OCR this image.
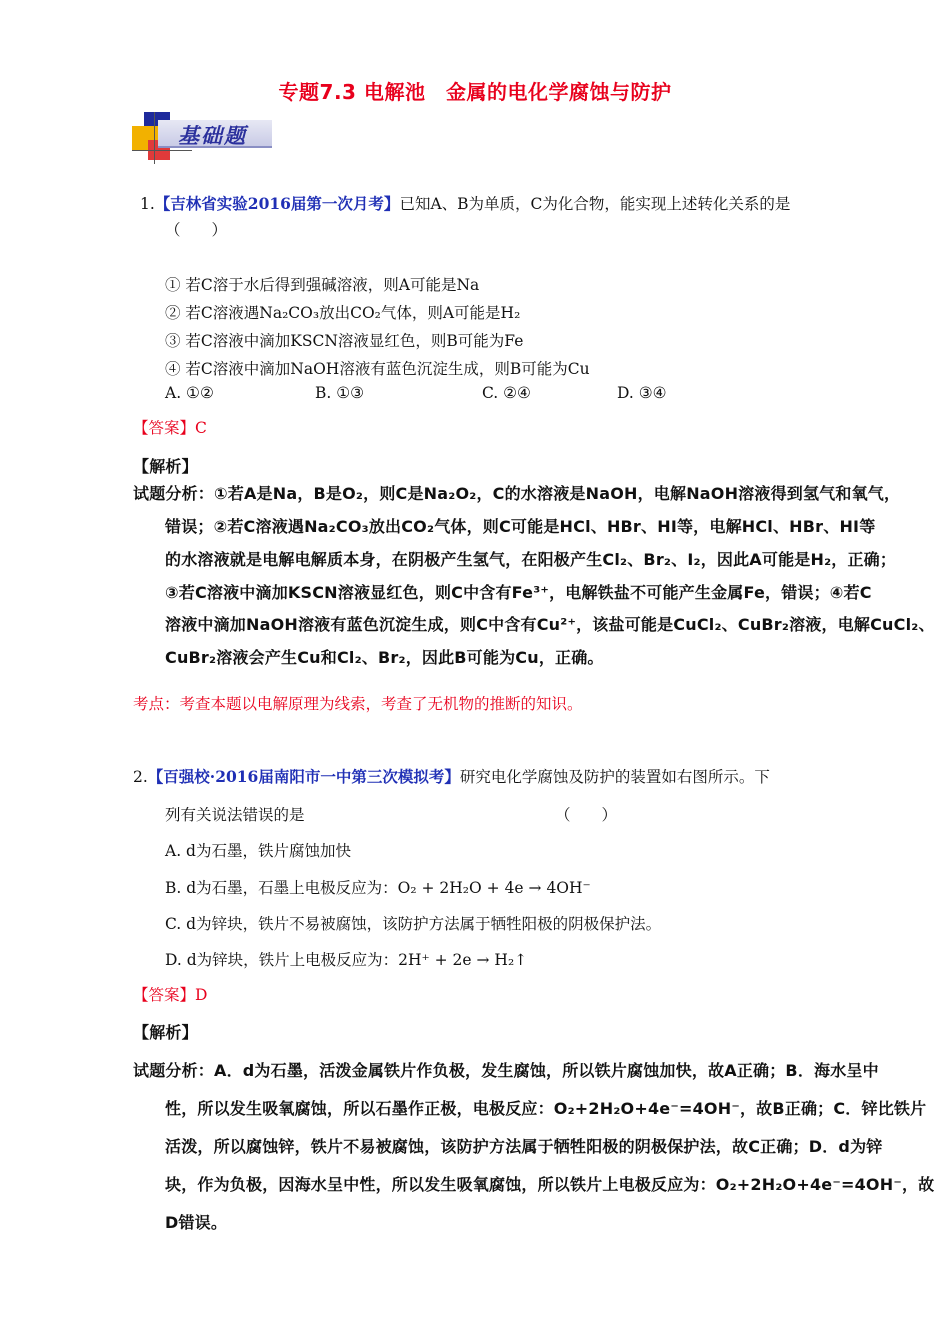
专题7.3 电解池　金属的电化学腐蚀与防护
基础题
1.【吉林省实验2016届第一次月考】已知A、B为单质，C为化合物，能实现上述转化关系的是
（　　）
① 若C溶于水后得到强碱溶液，则A可能是Na
② 若C溶液遇Na₂CO₃放出CO₂气体，则A可能是H₂
③ 若C溶液中滴加KSCN溶液显红色，则B可能为Fe
④ 若C溶液中滴加NaOH溶液有蓝色沉淀生成，则B可能为Cu
A. ①②	B. ①③	C. ②④	D. ③④
【答案】C
【解析】
试题分析：①若A是Na，B是O₂，则C是Na₂O₂，C的水溶液是NaOH，电解NaOH溶液得到氢气和氧气，
错误；②若C溶液遇Na₂CO₃放出CO₂气体，则C可能是HCl、HBr、HI等，电解HCl、HBr、HI等
的水溶液就是电解电解质本身，在阴极产生氢气，在阳极产生Cl₂、Br₂、I₂，因此A可能是H₂，正确；
③若C溶液中滴加KSCN溶液显红色，则C中含有Fe³⁺，电解铁盐不可能产生金属Fe，错误；④若C
溶液中滴加NaOH溶液有蓝色沉淀生成，则C中含有Cu²⁺，该盐可能是CuCl₂、CuBr₂溶液，电解CuCl₂、
CuBr₂溶液会产生Cu和Cl₂、Br₂，因此B可能为Cu，正确。
考点：考查本题以电解原理为线索，考查了无机物的推断的知识。
2.【百强校·2016届南阳市一中第三次模拟考】研究电化学腐蚀及防护的装置如右图所示。下
列有关说法错误的是	（　　）
A. d为石墨，铁片腐蚀加快
B. d为石墨，石墨上电极反应为：O₂ + 2H₂O + 4e → 4OH⁻
C. d为锌块，铁片不易被腐蚀，该防护方法属于牺牲阳极的阴极保护法。
D. d为锌块，铁片上电极反应为：2H⁺ + 2e → H₂↑
【答案】D
【解析】
试题分析：A．d为石墨，活泼金属铁片作负极，发生腐蚀，所以铁片腐蚀加快，故A正确；B．海水呈中
性，所以发生吸氧腐蚀，所以石墨作正极，电极反应：O₂+2H₂O+4e⁻=4OH⁻，故B正确；C．锌比铁片
活泼，所以腐蚀锌，铁片不易被腐蚀，该防护方法属于牺牲阳极的阴极保护法，故C正确；D．d为锌
块，作为负极，因海水呈中性，所以发生吸氧腐蚀，所以铁片上电极反应为：O₂+2H₂O+4e⁻=4OH⁻，故
D错误。
